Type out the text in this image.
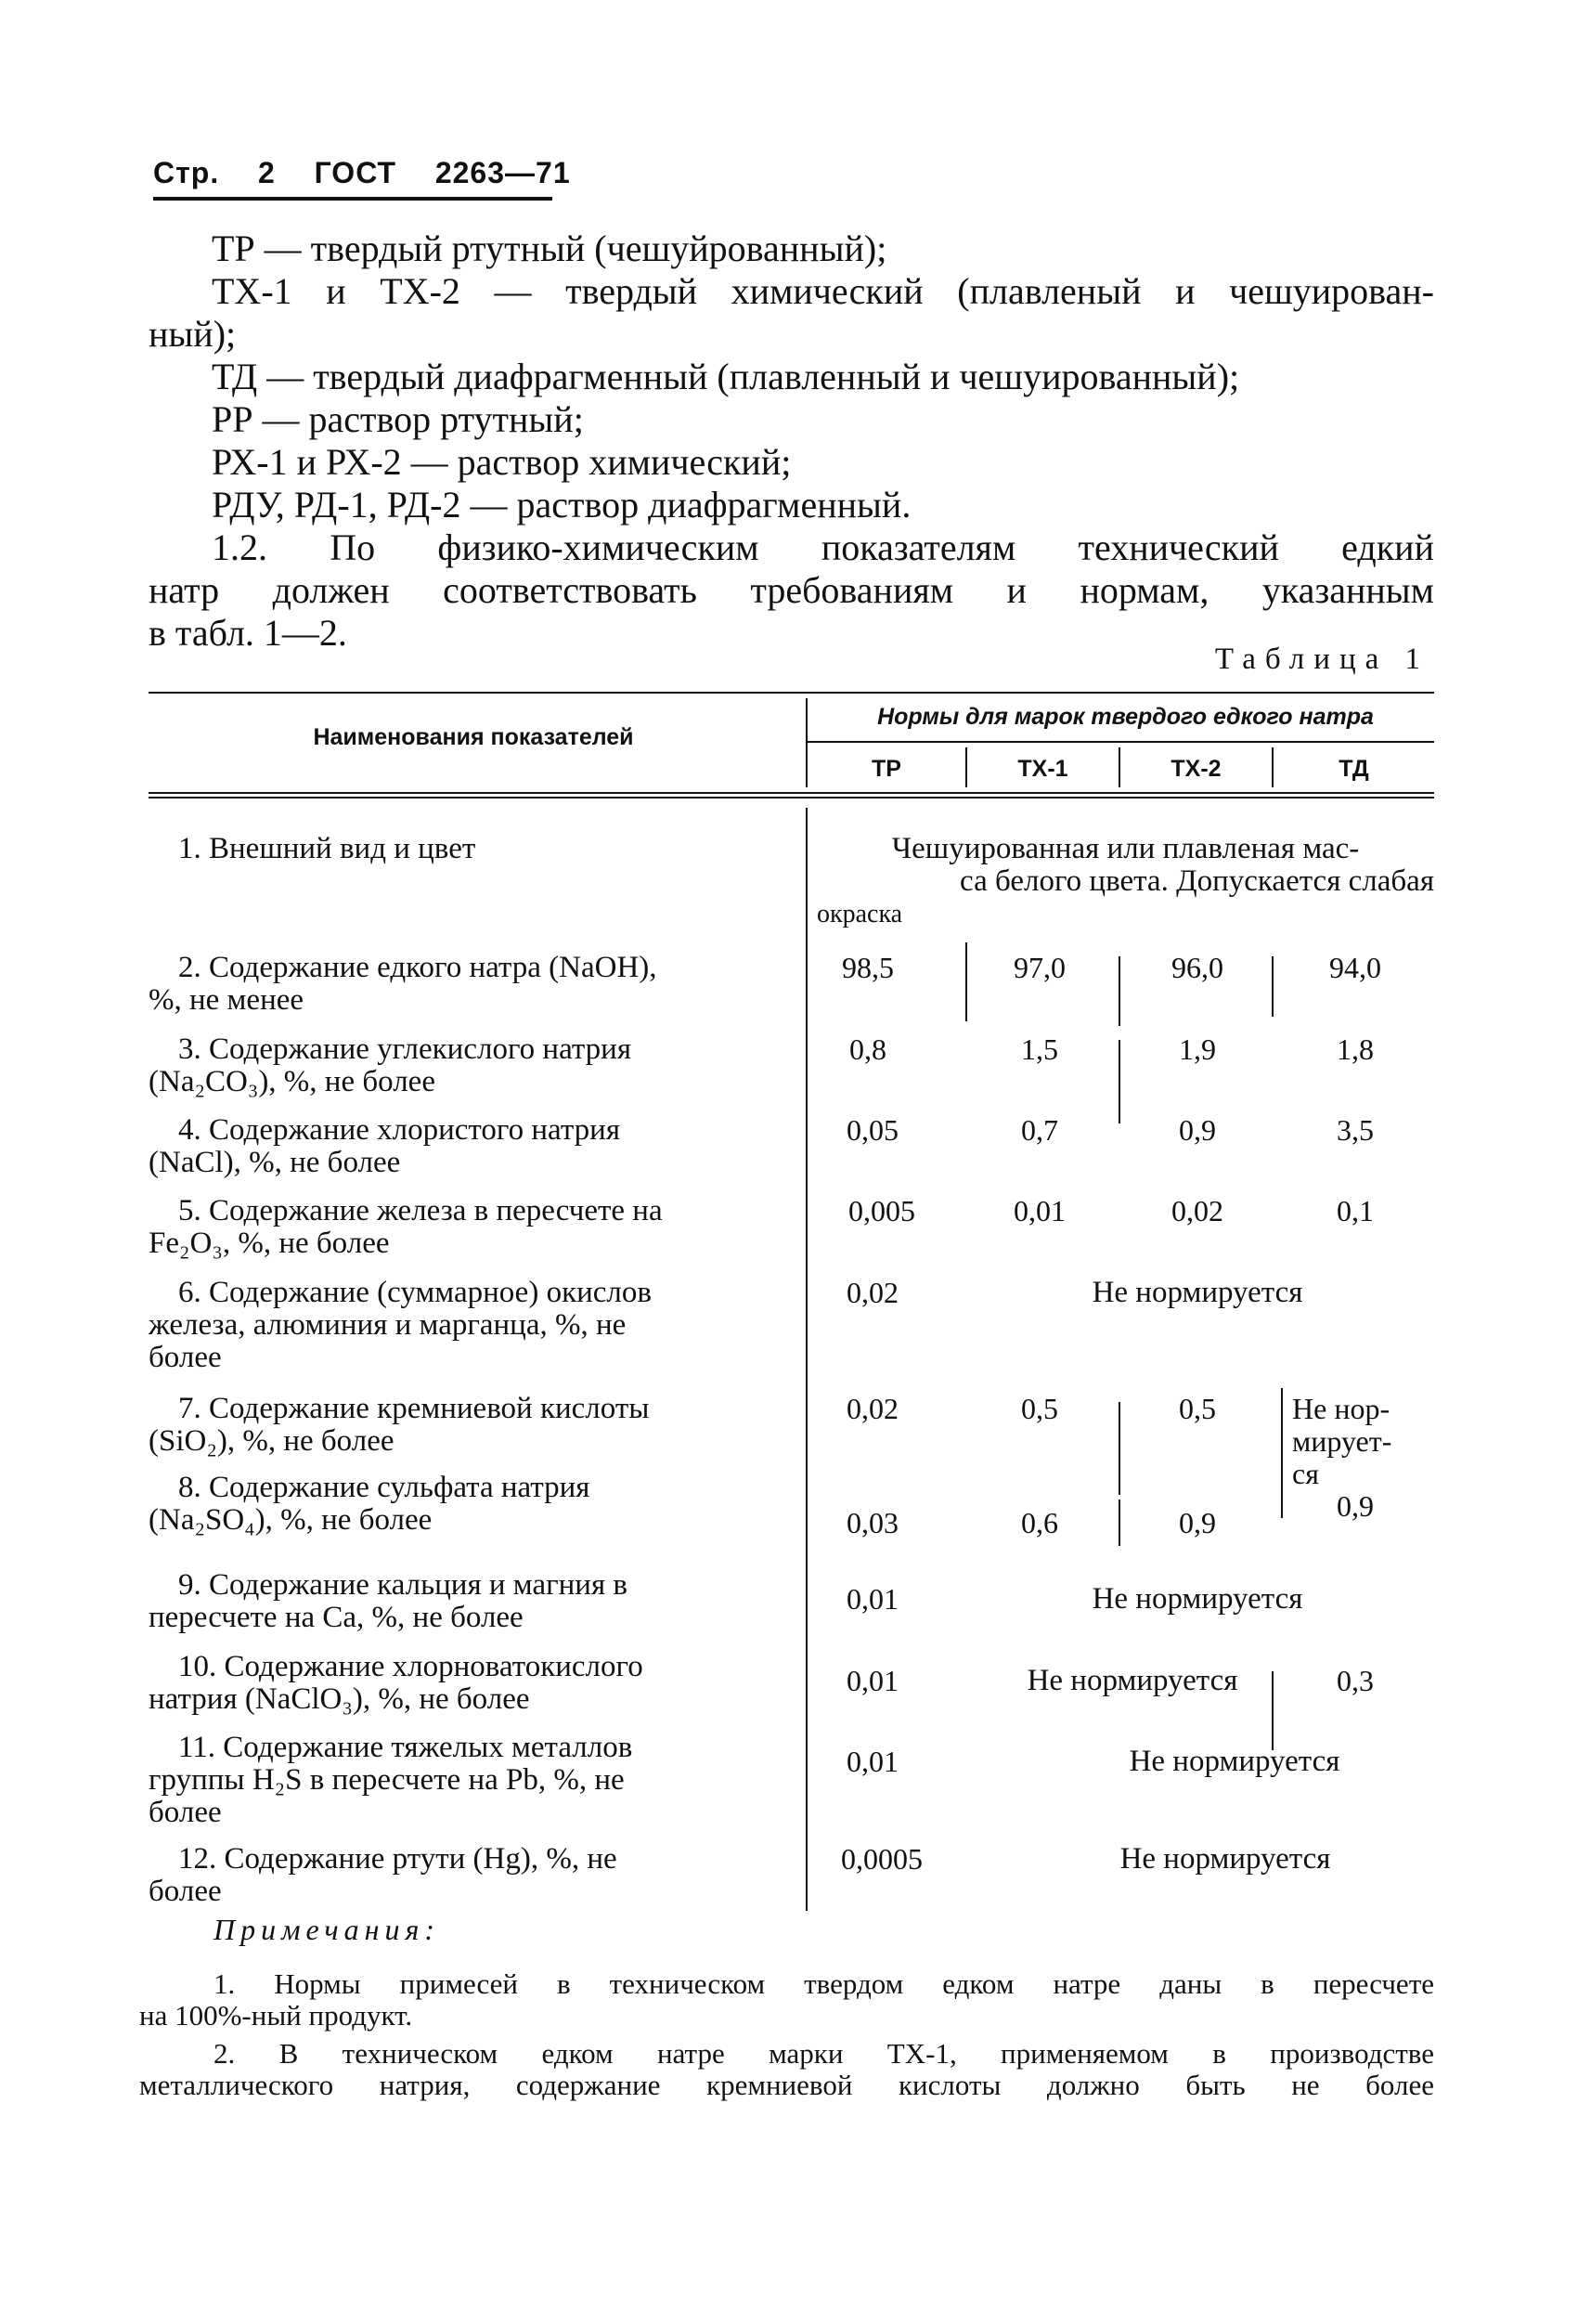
Стр. 2 ГОСТ 2263—71
ТР — твердый ртутный (чешуйрованный);
ТХ-1 и ТХ-2 — твердый химический (плавленый и чешуирован-
ный);
ТД — твердый диафрагменный (плавленный и чешуированный);
РР — раствор ртутный;
РХ-1 и РХ-2 — раствор химический;
РДУ, РД-1, РД-2 — раствор диафрагменный.
1.2. По физико-химическим показателям технический едкий
натр должен соответствовать требованиям и нормам, указанным
в табл. 1—2.
Таблица 1
Наименования показателей
Нормы для марок твердого едкого натра
ТР	ТХ-1	ТХ-2	ТД
1. Внешний вид и цвет	Чешуированная или плавленая мас-
са белого цвета. Допускается слабая
окраска
2. Содержание едкого натра (NaOH),
%, не менее
98,5	97,0	96,0	94,0
3. Содержание углекислого натрия
(Na₂CO₃), %, не более
0,8	1,5	1,9	1,8
4. Содержание хлористого натрия
(NaCl), %, не более
0,05	0,7	0,9	3,5
5. Содержание железа в пересчете на
Fe₂O₃, %, не более
0,005	0,01	0,02	0,1
6. Содержание (суммарное) окислов
железа, алюминия и марганца, %, не
более
0,02	Не нормируется
7. Содержание кремниевой кислоты
(SiO₂), %, не более
0,02	0,5	0,5	Не нор-
мирует-
ся
8. Содержание сульфата натрия
(Na₂SO₄), %, не более	0,03	0,6	0,9	0,9
9. Содержание кальция и магния в
пересчете на Ca, %, не более
0,01	Не нормируется
10. Содержание хлорноватокислого
натрия (NaClO₃), %, не более
0,01	Не нормируется	0,3
11. Содержание тяжелых металлов
группы H₂S в пересчете на Pb, %, не
более
0,01	Не нормируется
12. Содержание ртути (Hg), %, не
более
0,0005	Не нормируется
Примечания:
1. Нормы примесей в техническом твердом едком натре даны в пересчете
на 100%-ный продукт.
2. В техническом едком натре марки ТХ-1, применяемом в производстве
металлического натрия, содержание кремниевой кислоты должно быть не более
